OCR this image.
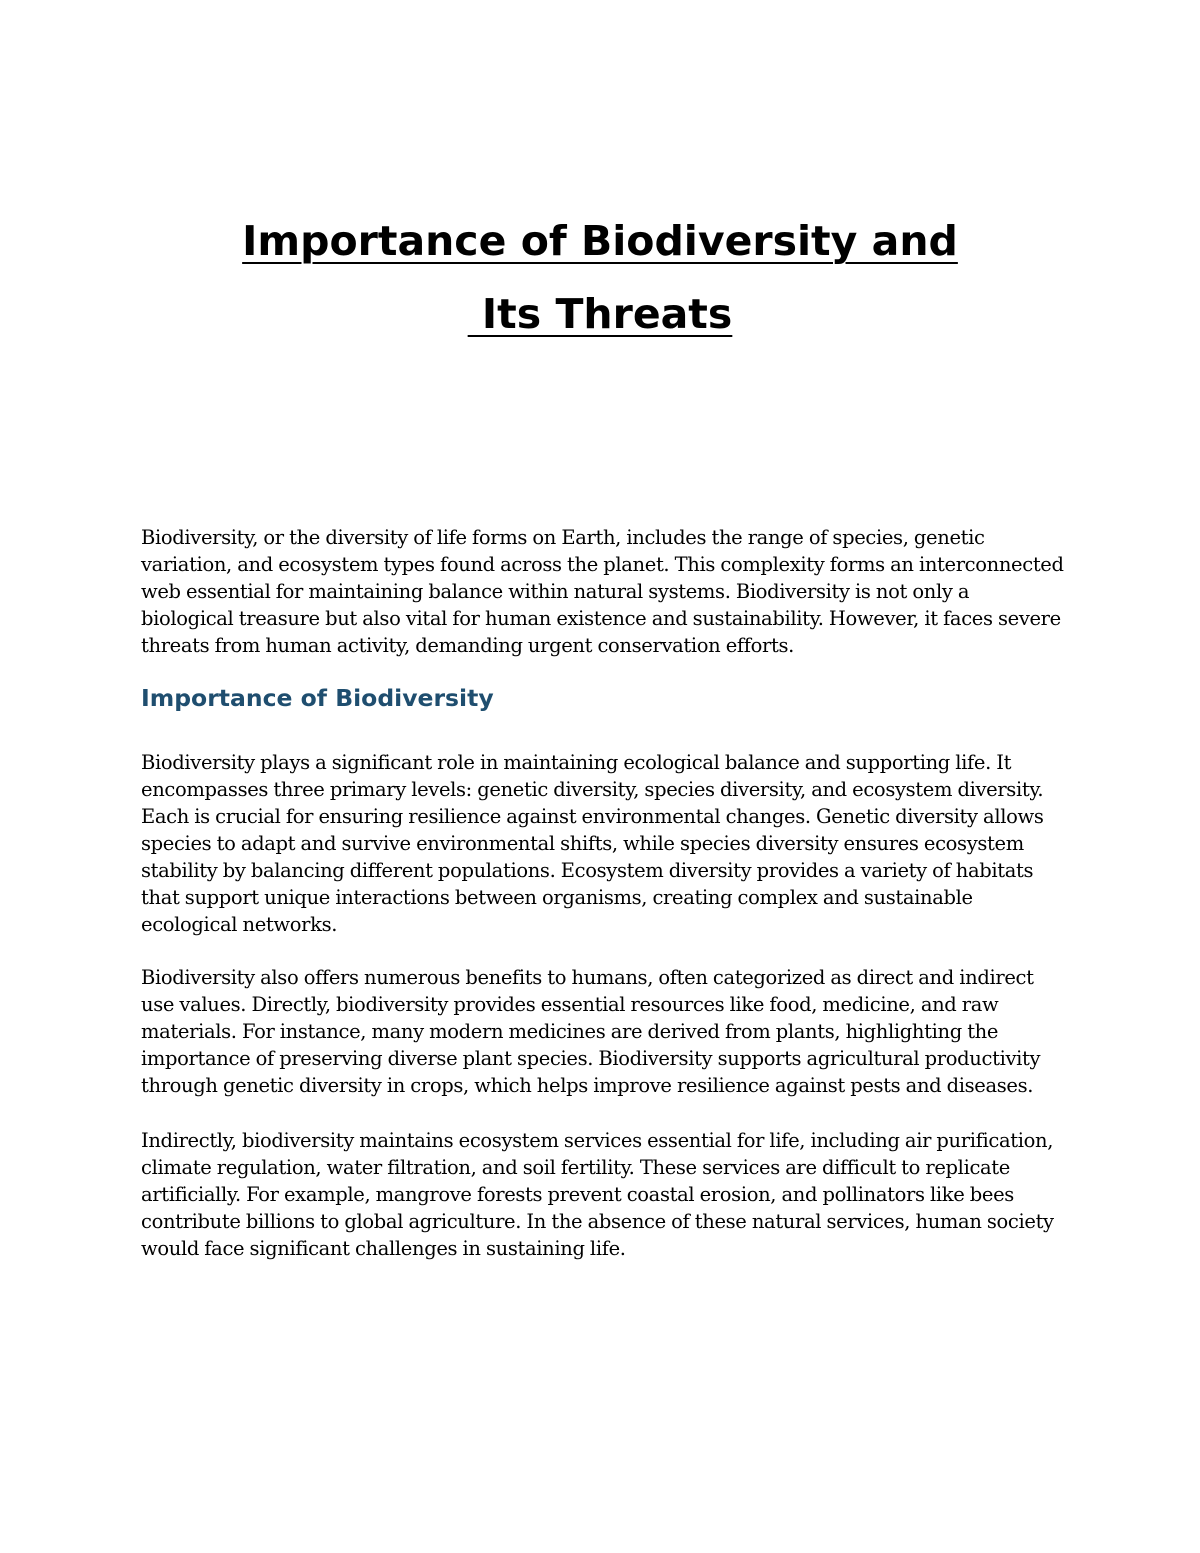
Importance of Biodiversity and
Its Threats

Biodiversity, or the diversity of life forms on Earth, includes the range of species, genetic variation, and ecosystem types found across the planet. This complexity forms an interconnected web essential for maintaining balance within natural systems. Biodiversity is not only a biological treasure but also vital for human existence and sustainability. However, it faces severe threats from human activity, demanding urgent conservation efforts.

Importance of Biodiversity

Biodiversity plays a significant role in maintaining ecological balance and supporting life. It encompasses three primary levels: genetic diversity, species diversity, and ecosystem diversity. Each is crucial for ensuring resilience against environmental changes. Genetic diversity allows species to adapt and survive environmental shifts, while species diversity ensures ecosystem stability by balancing different populations. Ecosystem diversity provides a variety of habitats that support unique interactions between organisms, creating complex and sustainable ecological networks.

Biodiversity also offers numerous benefits to humans, often categorized as direct and indirect use values. Directly, biodiversity provides essential resources like food, medicine, and raw materials. For instance, many modern medicines are derived from plants, highlighting the importance of preserving diverse plant species. Biodiversity supports agricultural productivity through genetic diversity in crops, which helps improve resilience against pests and diseases.

Indirectly, biodiversity maintains ecosystem services essential for life, including air purification, climate regulation, water filtration, and soil fertility. These services are difficult to replicate artificially. For example, mangrove forests prevent coastal erosion, and pollinators like bees contribute billions to global agriculture. In the absence of these natural services, human society would face significant challenges in sustaining life.
